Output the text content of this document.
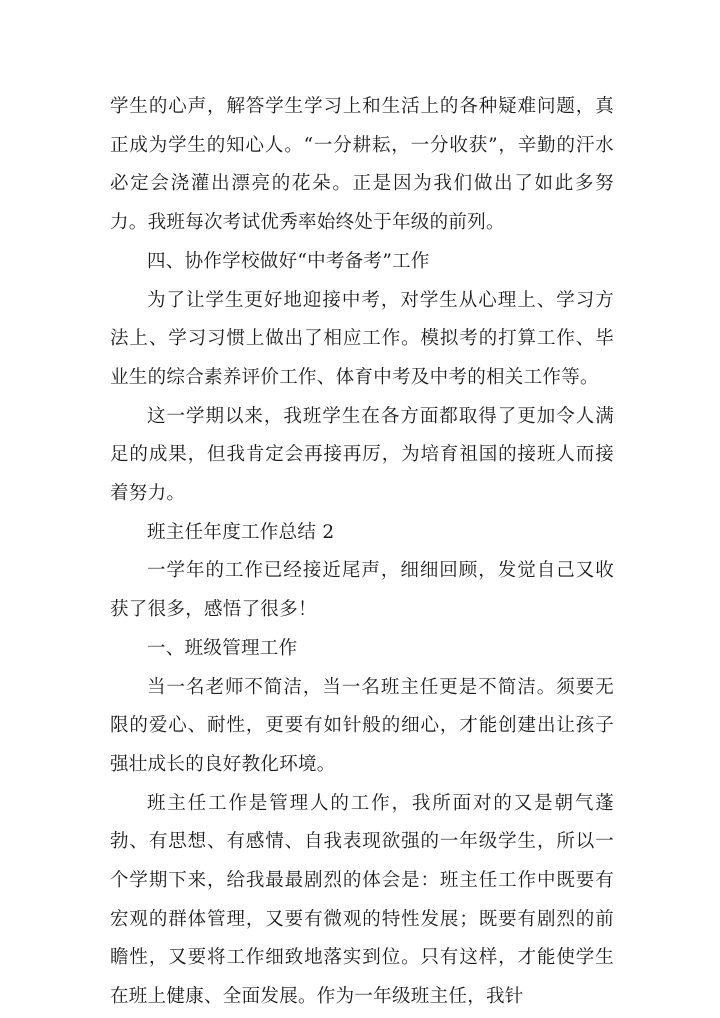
学生的心声，解答学生学习上和生活上的各种疑难问题，真正成为学生的知心人。“一分耕耘，一分收获”，辛勤的汗水必定会浇灌出漂亮的花朵。正是因为我们做出了如此多努力。我班每次考试优秀率始终处于年级的前列。

四、协作学校做好“中考备考”工作

为了让学生更好地迎接中考，对学生从心理上、学习方法上、学习习惯上做出了相应工作。模拟考的打算工作、毕业生的综合素养评价工作、体育中考及中考的相关工作等。

这一学期以来，我班学生在各方面都取得了更加令人满足的成果，但我肯定会再接再厉，为培育祖国的接班人而接着努力。

班主任年度工作总结 2

一学年的工作已经接近尾声，细细回顾，发觉自己又收获了很多，感悟了很多！

一、班级管理工作

当一名老师不简洁，当一名班主任更是不简洁。须要无限的爱心、耐性，更要有如针般的细心，才能创建出让孩子强壮成长的良好教化环境。

班主任工作是管理人的工作，我所面对的又是朝气蓬勃、有思想、有感情、自我表现欲强的一年级学生，所以一个学期下来，给我最最剧烈的体会是：班主任工作中既要有宏观的群体管理，又要有微观的特性发展；既要有剧烈的前瞻性，又要将工作细致地落实到位。只有这样，才能使学生在班上健康、全面发展。作为一年级班主任，我针
